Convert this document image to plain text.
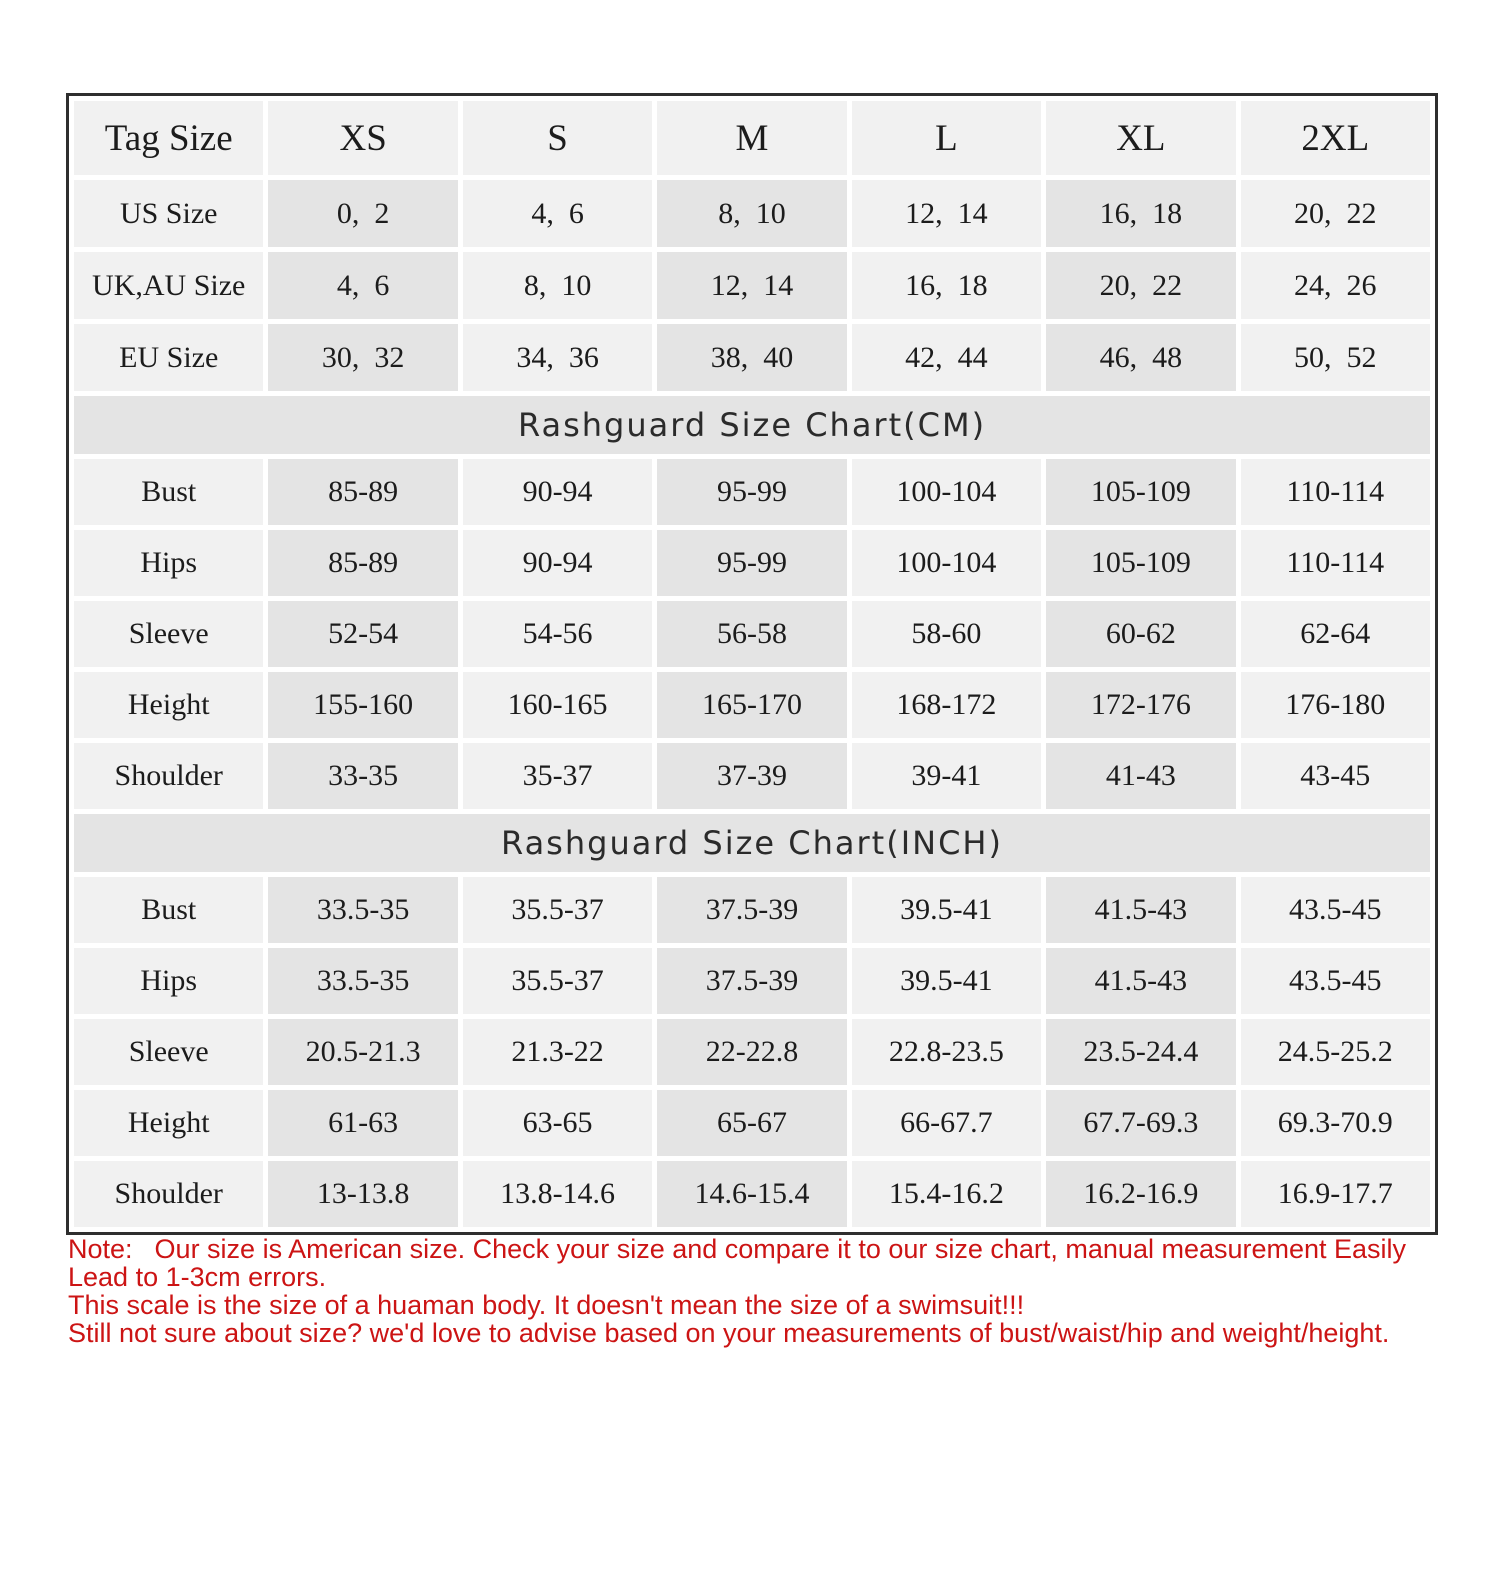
Tag Size	XS	S	M	L	XL	2XL
US Size	0,  2	4,  6	8,  10	12,  14	16,  18	20,  22
UK,AU Size	4,  6	8,  10	12,  14	16,  18	20,  22	24,  26
EU Size	30,  32	34,  36	38,  40	42,  44	46,  48	50,  52
Rashguard Size Chart(CM)
Bust	85-89	90-94	95-99	100-104	105-109	110-114
Hips	85-89	90-94	95-99	100-104	105-109	110-114
Sleeve	52-54	54-56	56-58	58-60	60-62	62-64
Height	155-160	160-165	165-170	168-172	172-176	176-180
Shoulder	33-35	35-37	37-39	39-41	41-43	43-45
Rashguard Size Chart(INCH)
Bust	33.5-35	35.5-37	37.5-39	39.5-41	41.5-43	43.5-45
Hips	33.5-35	35.5-37	37.5-39	39.5-41	41.5-43	43.5-45
Sleeve	20.5-21.3	21.3-22	22-22.8	22.8-23.5	23.5-24.4	24.5-25.2
Height	61-63	63-65	65-67	66-67.7	67.7-69.3	69.3-70.9
Shoulder	13-13.8	13.8-14.6	14.6-15.4	15.4-16.2	16.2-16.9	16.9-17.7

Note: Our size is American size. Check your size and compare it to our size chart, manual measurement Easily

Lead to 1-3cm errors.

This scale is the size of a huaman body. It doesn't mean the size of a swimsuit!!!

Still not sure about size? we'd love to advise based on your measurements of bust/waist/hip and weight/height.
